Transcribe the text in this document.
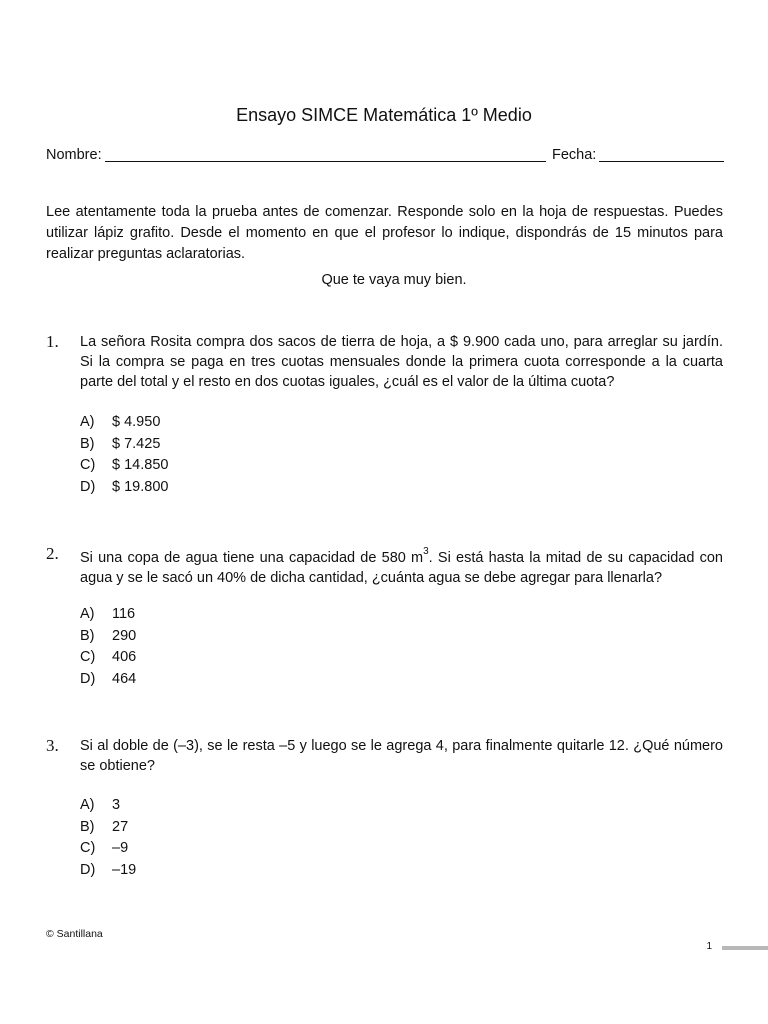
Ensayo SIMCE Matemática 1º Medio
Nombre:	Fecha:
Lee atentamente toda la prueba antes de comenzar. Responde solo en la hoja de respuestas. Puedes utilizar lápiz grafito. Desde el momento en que el profesor lo indique, dispondrás de 15 minutos para realizar preguntas aclaratorias.
Que te vaya muy bien.
1. La señora Rosita compra dos sacos de tierra de hoja, a $ 9.900 cada uno, para arreglar su jardín. Si la compra se paga en tres cuotas mensuales donde la primera cuota corresponde a la cuarta parte del total y el resto en dos cuotas iguales, ¿cuál es el valor de la última cuota?
A) $ 4.950
B) $ 7.425
C) $ 14.850
D) $ 19.800
2. Si una copa de agua tiene una capacidad de 580 $m^3$. Si está hasta la mitad de su capacidad con agua y se le sacó un 40% de dicha cantidad, ¿cuánta agua se debe agregar para llenarla?
A) 116
B) 290
C) 406
D) 464
3. Si al doble de (–3), se le resta –5 y luego se le agrega 4, para finalmente quitarle 12. ¿Qué número se obtiene?
A) 3
B) 27
C) –9
D) –19
© Santillana
1
